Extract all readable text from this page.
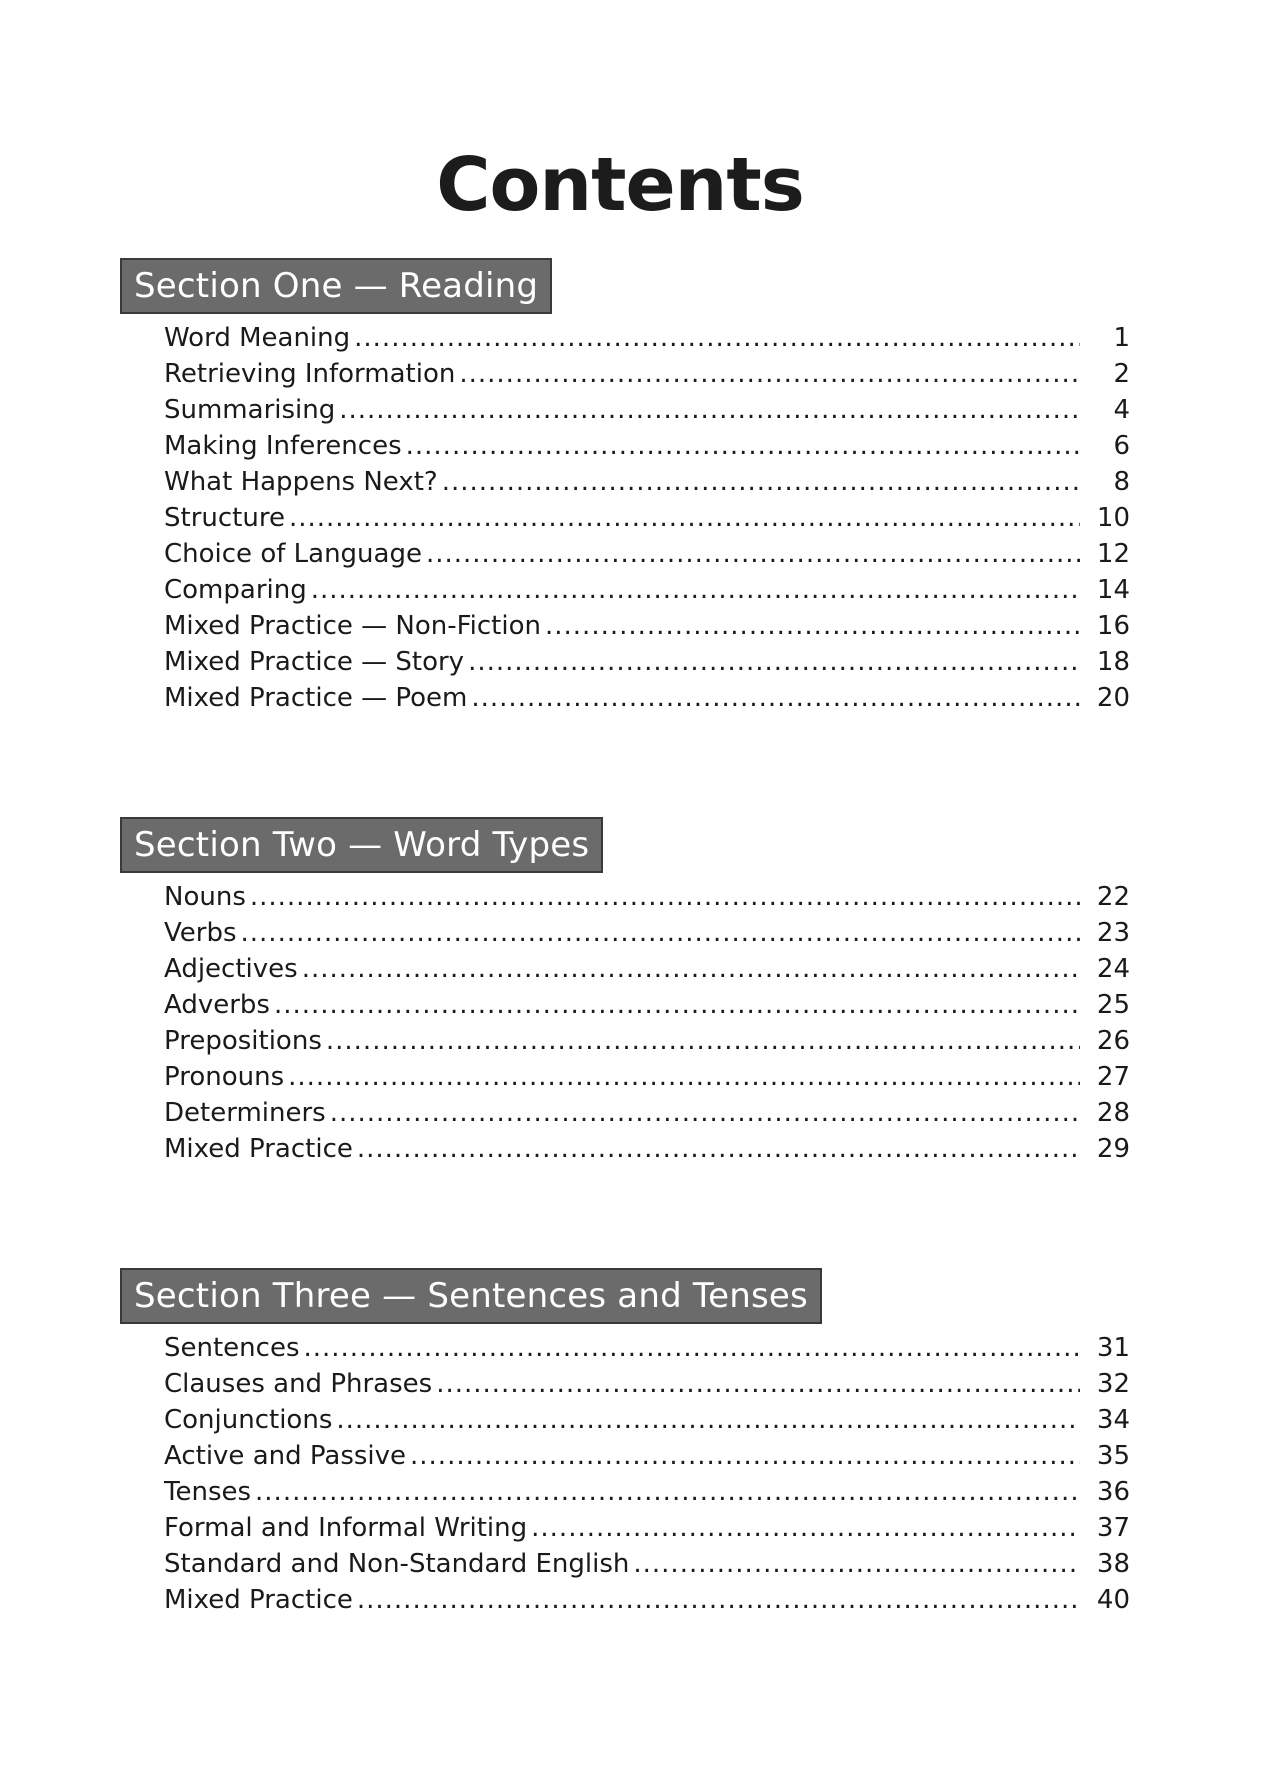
Contents
Section One — Reading
Word Meaning .....	1
Retrieving Information .....	2
Summarising .....	4
Making Inferences .....	6
What Happens Next? .....	8
Structure .....	10
Choice of Language .....	12
Comparing .....	14
Mixed Practice — Non-Fiction .....	16
Mixed Practice — Story .....	18
Mixed Practice — Poem .....	20
Section Two — Word Types
Nouns .....	22
Verbs .....	23
Adjectives .....	24
Adverbs .....	25
Prepositions .....	26
Pronouns .....	27
Determiners .....	28
Mixed Practice .....	29
Section Three — Sentences and Tenses
Sentences .....	31
Clauses and Phrases .....	32
Conjunctions .....	34
Active and Passive .....	35
Tenses .....	36
Formal and Informal Writing .....	37
Standard and Non-Standard English .....	38
Mixed Practice .....	40
